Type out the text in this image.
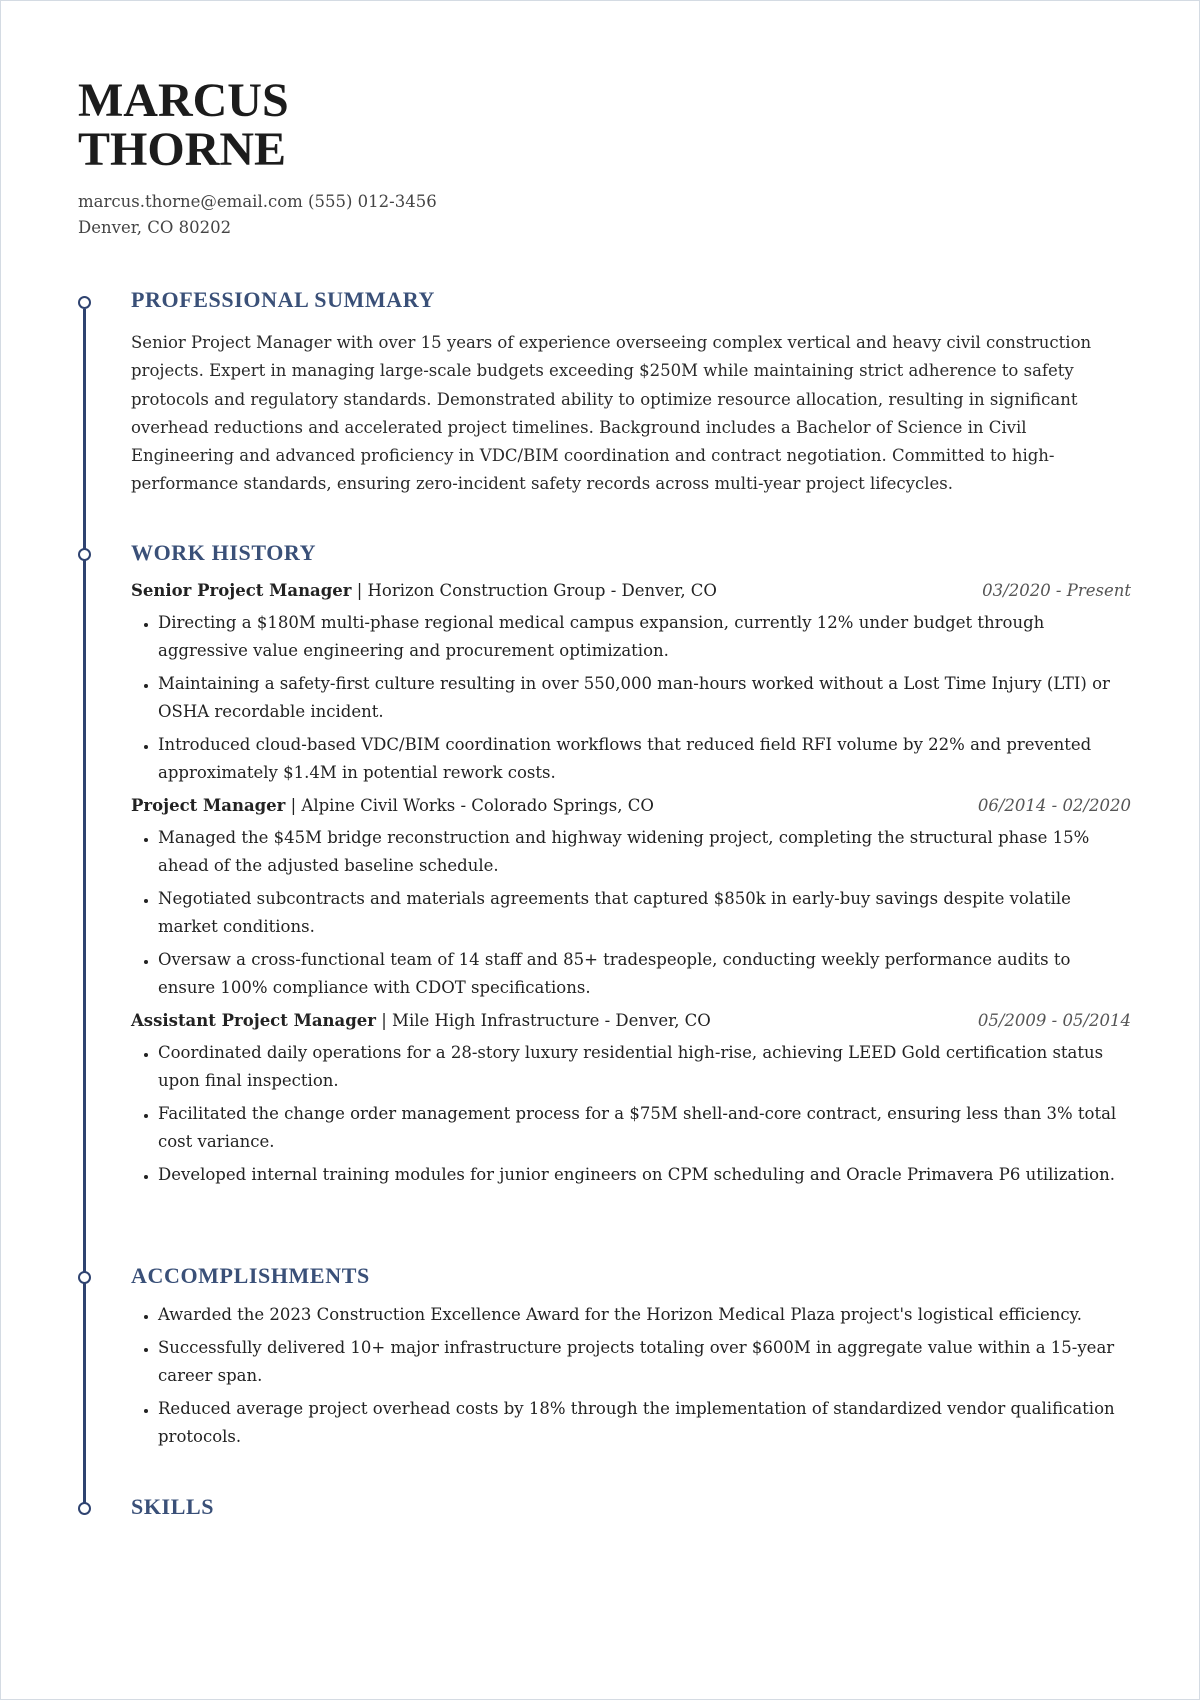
MARCUS
THORNE
marcus.thorne@email.com (555) 012-3456
Denver, CO 80202
PROFESSIONAL SUMMARY

Senior Project Manager with over 15 years of experience overseeing complex vertical and heavy civil construction projects. Expert in managing large-scale budgets exceeding $250M while maintaining strict adherence to safety protocols and regulatory standards. Demonstrated ability to optimize resource allocation, resulting in significant overhead reductions and accelerated project timelines. Background includes a Bachelor of Science in Civil Engineering and advanced proficiency in VDC/BIM coordination and contract negotiation. Committed to high-performance standards, ensuring zero-incident safety records across multi-year project lifecycles.

WORK HISTORY
Senior Project Manager | Horizon Construction Group - Denver, CO	03/2020 - Present
• Directing a $180M multi-phase regional medical campus expansion, currently 12% under budget through aggressive value engineering and procurement optimization.
• Maintaining a safety-first culture resulting in over 550,000 man-hours worked without a Lost Time Injury (LTI) or OSHA recordable incident.
• Introduced cloud-based VDC/BIM coordination workflows that reduced field RFI volume by 22% and prevented approximately $1.4M in potential rework costs.
Project Manager | Alpine Civil Works - Colorado Springs, CO	06/2014 - 02/2020
• Managed the $45M bridge reconstruction and highway widening project, completing the structural phase 15% ahead of the adjusted baseline schedule.
• Negotiated subcontracts and materials agreements that captured $850k in early-buy savings despite volatile market conditions.
• Oversaw a cross-functional team of 14 staff and 85+ tradespeople, conducting weekly performance audits to ensure 100% compliance with CDOT specifications.
Assistant Project Manager | Mile High Infrastructure - Denver, CO	05/2009 - 05/2014
• Coordinated daily operations for a 28-story luxury residential high-rise, achieving LEED Gold certification status upon final inspection.
• Facilitated the change order management process for a $75M shell-and-core contract, ensuring less than 3% total cost variance.
• Developed internal training modules for junior engineers on CPM scheduling and Oracle Primavera P6 utilization.
ACCOMPLISHMENTS
• Awarded the 2023 Construction Excellence Award for the Horizon Medical Plaza project's logistical efficiency.
• Successfully delivered 10+ major infrastructure projects totaling over $600M in aggregate value within a 15-year career span.
• Reduced average project overhead costs by 18% through the implementation of standardized vendor qualification protocols.
SKILLS
